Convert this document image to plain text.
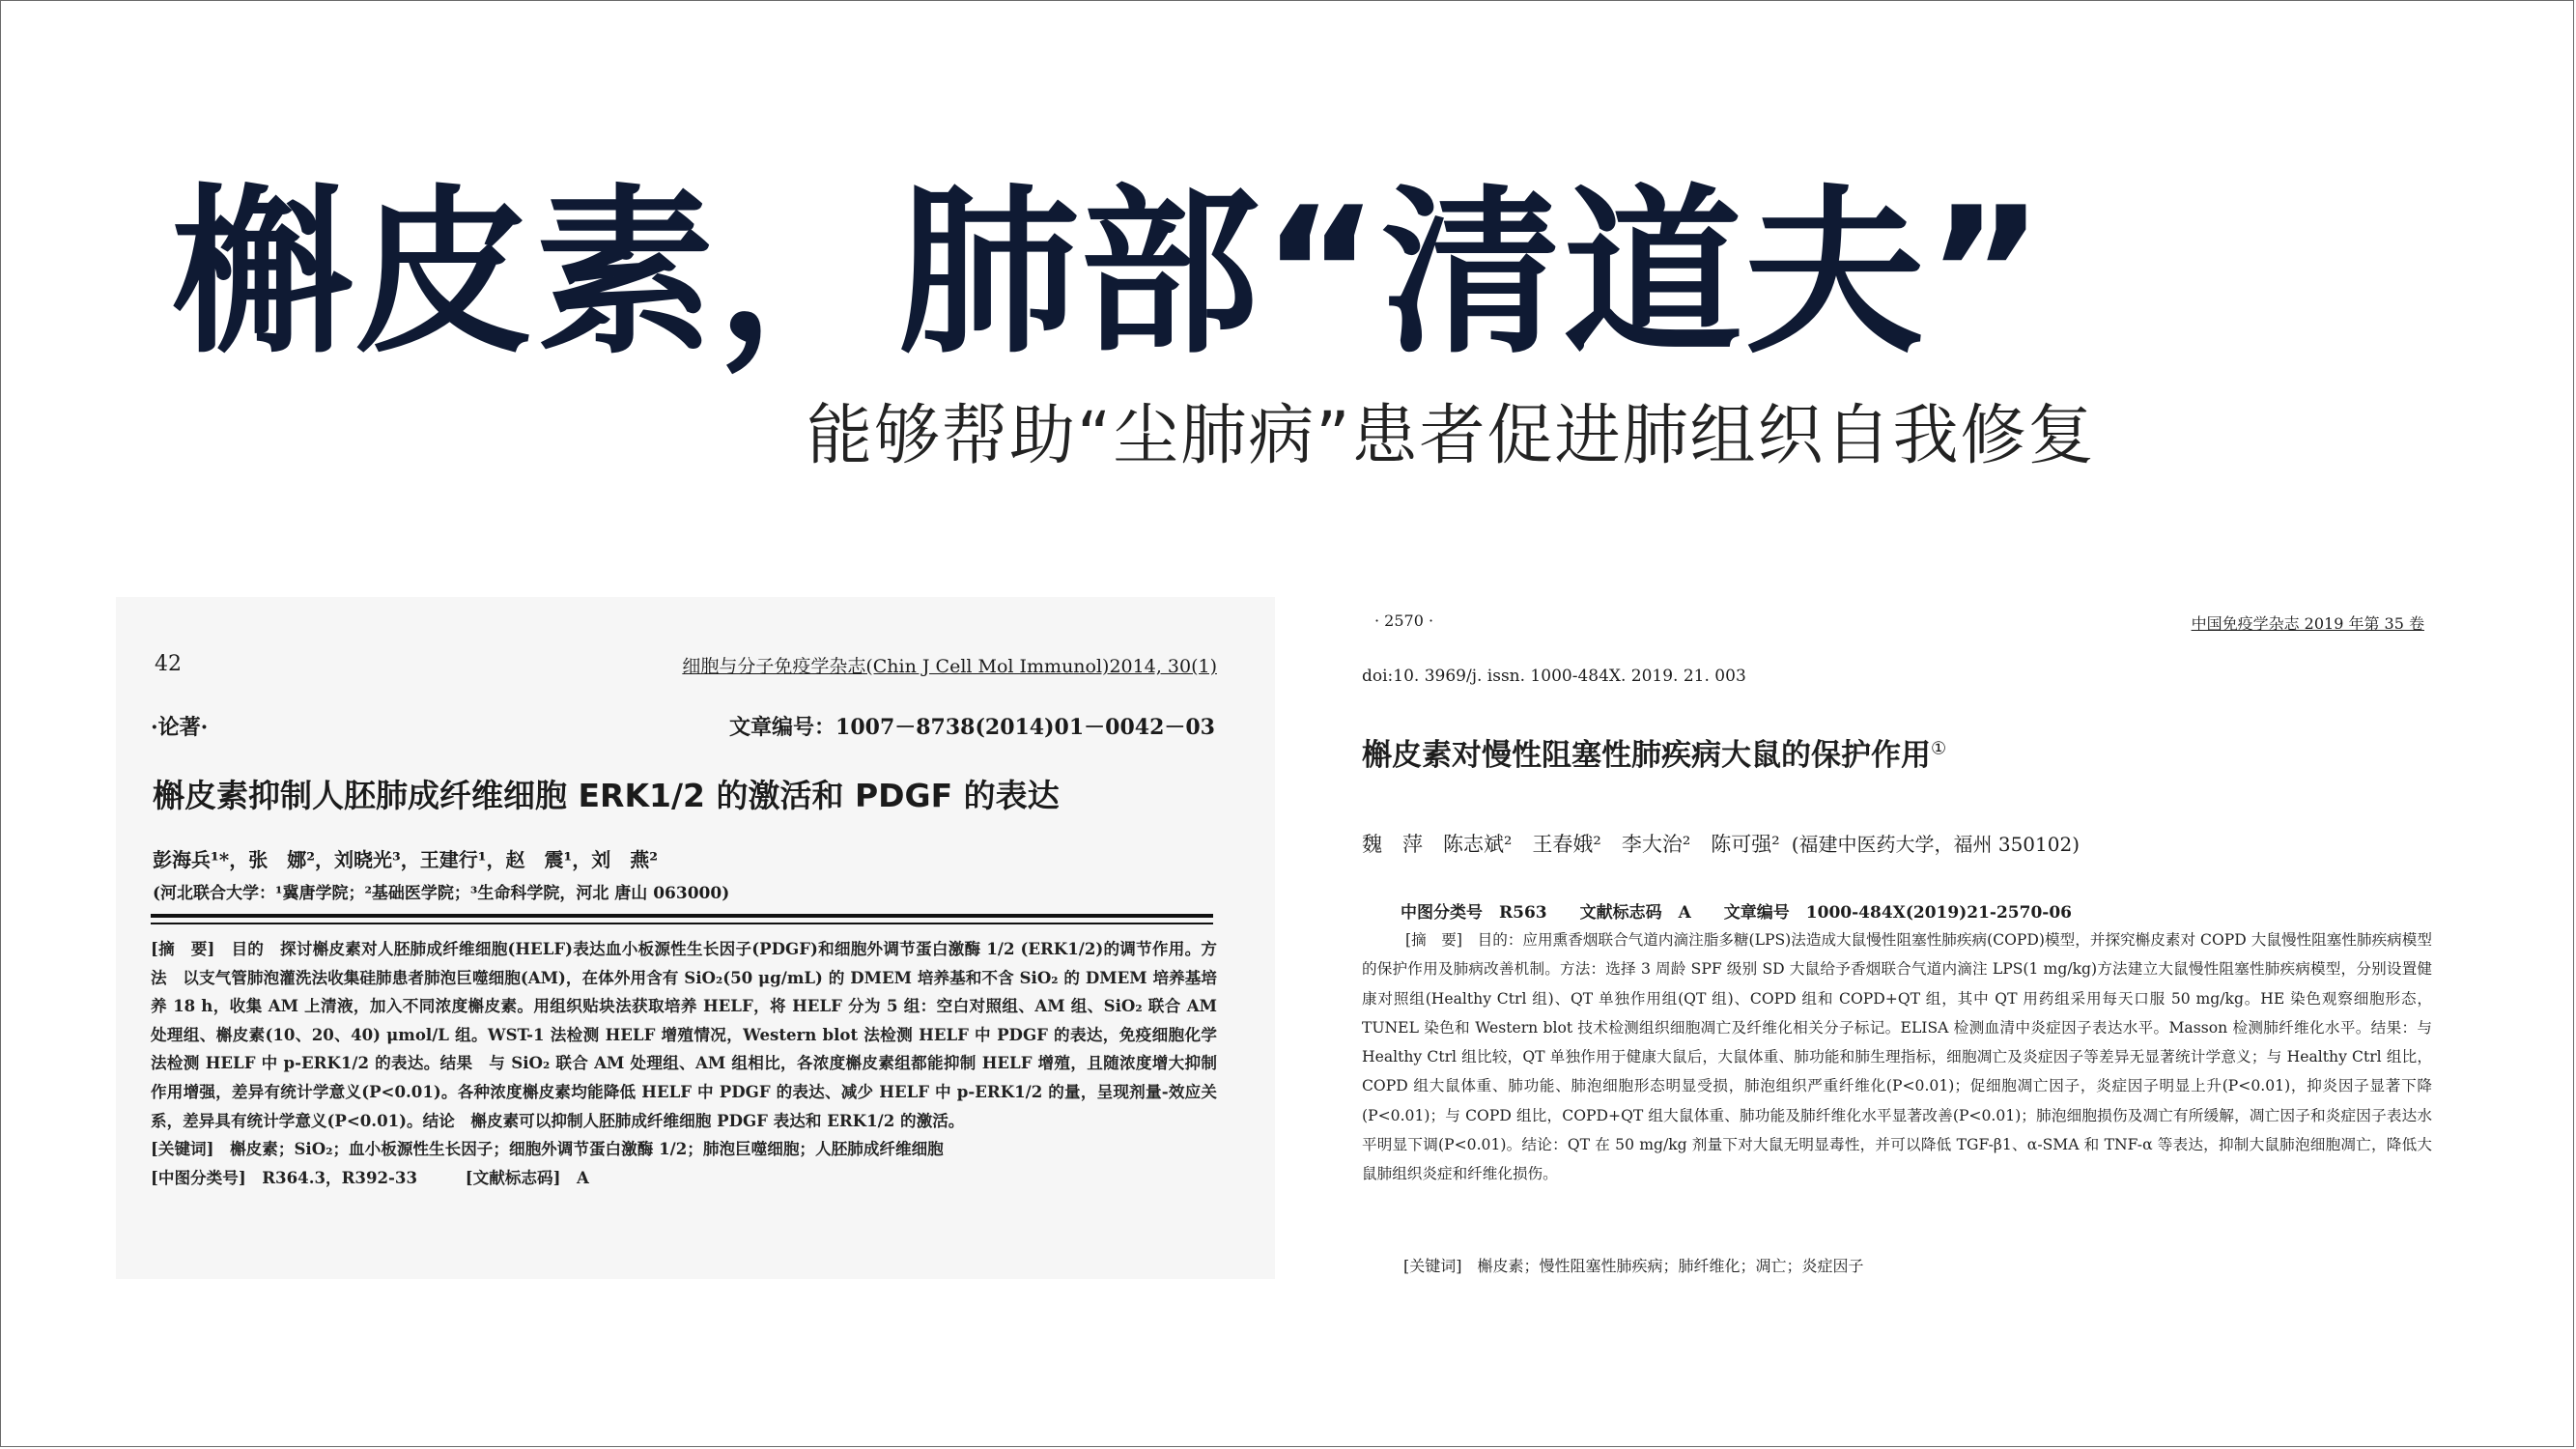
槲皮素，肺部“清道夫”
能够帮助“尘肺病”患者促进肺组织自我修复
42	细胞与分子免疫学杂志(Chin J Cell Mol Immunol)2014, 30(1)
·论著·	文章编号：1007－8738(2014)01－0042－03
槲皮素抑制人胚肺成纤维细胞 ERK1/2 的激活和 PDGF 的表达
彭海兵¹*，张　娜²，刘晓光³，王建行¹，赵　震¹，刘　燕²
(河北联合大学：¹冀唐学院；²基础医学院；³生命科学院，河北 唐山 063000)

[摘　要]　目的　探讨槲皮素对人胚肺成纤维细胞(HELF)表达血小板源性生长因子(PDGF)和细胞外调节蛋白激酶 1/2 (ERK1/2)的调节作用。方法　以支气管肺泡灌洗法收集硅肺患者肺泡巨噬细胞(AM)，在体外用含有 SiO₂(50 μg/mL) 的 DMEM 培养基和不含 SiO₂ 的 DMEM 培养基培养 18 h，收集 AM 上清液，加入不同浓度槲皮素。用组织贴块法获取培养 HELF，将 HELF 分为 5 组：空白对照组、AM 组、SiO₂ 联合 AM 处理组、槲皮素(10、20、40) μmol/L 组。WST-1 法检测 HELF 增殖情况，Western blot 法检测 HELF 中 PDGF 的表达，免疫细胞化学法检测 HELF 中 p-ERK1/2 的表达。结果　与 SiO₂ 联合 AM 处理组、AM 组相比，各浓度槲皮素组都能抑制 HELF 增殖，且随浓度增大抑制作用增强，差异有统计学意义(P<0.01)。各种浓度槲皮素均能降低 HELF 中 PDGF 的表达、减少 HELF 中 p-ERK1/2 的量，呈现剂量-效应关系，差异具有统计学意义(P<0.01)。结论　槲皮素可以抑制人胚肺成纤维细胞 PDGF 表达和 ERK1/2 的激活。

[关键词]　槲皮素；SiO₂；血小板源性生长因子；细胞外调节蛋白激酶 1/2；肺泡巨噬细胞；人胚肺成纤维细胞

[中图分类号]　R364.3，R392-33　　　[文献标志码]　A

· 2570 ·	中国免疫学杂志 2019 年第 35 卷
doi:10. 3969/j. issn. 1000-484X. 2019. 21. 003
槲皮素对慢性阻塞性肺疾病大鼠的保护作用①
魏　萍　陈志斌²　王春娥²　李大治²　陈可强² (福建中医药大学，福州 350102)
中图分类号　R563　　文献标志码　A　　文章编号　1000-484X(2019)21-2570-06

[摘　要]　目的：应用熏香烟联合气道内滴注脂多糖(LPS)法造成大鼠慢性阻塞性肺疾病(COPD)模型，并探究槲皮素对 COPD 大鼠慢性阻塞性肺疾病模型的保护作用及肺病改善机制。方法：选择 3 周龄 SPF 级别 SD 大鼠给予香烟联合气道内滴注 LPS(1 mg/kg)方法建立大鼠慢性阻塞性肺疾病模型，分别设置健康对照组(Healthy Ctrl 组)、QT 单独作用组(QT 组)、COPD 组和 COPD+QT 组，其中 QT 用药组采用每天口服 50 mg/kg。HE 染色观察细胞形态，TUNEL 染色和 Western blot 技术检测组织细胞凋亡及纤维化相关分子标记。ELISA 检测血清中炎症因子表达水平。Masson 检测肺纤维化水平。结果：与 Healthy Ctrl 组比较，QT 单独作用于健康大鼠后，大鼠体重、肺功能和肺生理指标，细胞凋亡及炎症因子等差异无显著统计学意义；与 Healthy Ctrl 组比，COPD 组大鼠体重、肺功能、肺泡细胞形态明显受损，肺泡组织严重纤维化(P<0.01)；促细胞凋亡因子，炎症因子明显上升(P<0.01)，抑炎因子显著下降(P<0.01)；与 COPD 组比，COPD+QT 组大鼠体重、肺功能及肺纤维化水平显著改善(P<0.01)；肺泡细胞损伤及凋亡有所缓解，凋亡因子和炎症因子表达水平明显下调(P<0.01)。结论：QT 在 50 mg/kg 剂量下对大鼠无明显毒性，并可以降低 TGF-β1、α-SMA 和 TNF-α 等表达，抑制大鼠肺泡细胞凋亡，降低大鼠肺组织炎症和纤维化损伤。

[关键词]　槲皮素；慢性阻塞性肺疾病；肺纤维化；凋亡；炎症因子
